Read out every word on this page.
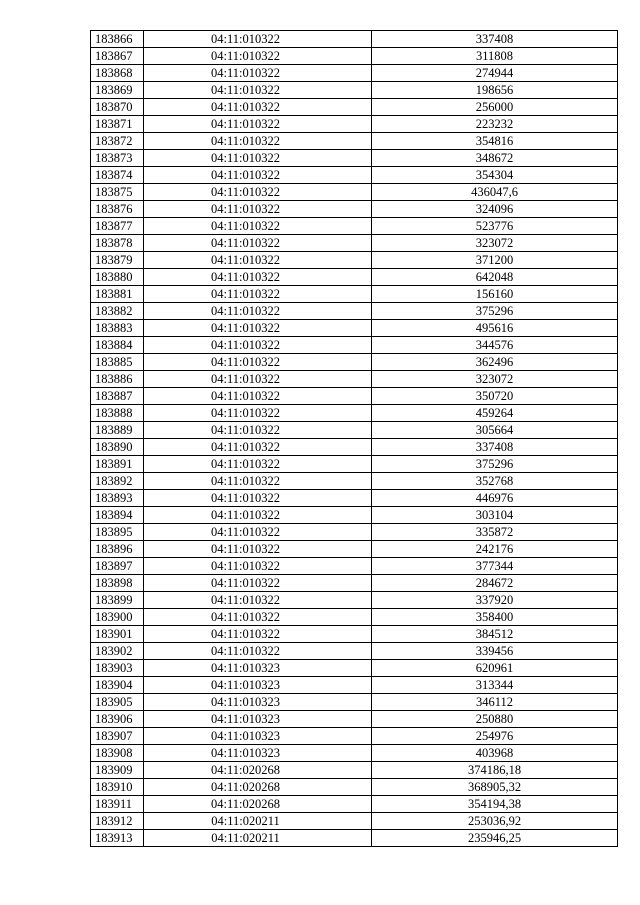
183866	04:11:010322	337408
183867	04:11:010322	311808
183868	04:11:010322	274944
183869	04:11:010322	198656
183870	04:11:010322	256000
183871	04:11:010322	223232
183872	04:11:010322	354816
183873	04:11:010322	348672
183874	04:11:010322	354304
183875	04:11:010322	436047,6
183876	04:11:010322	324096
183877	04:11:010322	523776
183878	04:11:010322	323072
183879	04:11:010322	371200
183880	04:11:010322	642048
183881	04:11:010322	156160
183882	04:11:010322	375296
183883	04:11:010322	495616
183884	04:11:010322	344576
183885	04:11:010322	362496
183886	04:11:010322	323072
183887	04:11:010322	350720
183888	04:11:010322	459264
183889	04:11:010322	305664
183890	04:11:010322	337408
183891	04:11:010322	375296
183892	04:11:010322	352768
183893	04:11:010322	446976
183894	04:11:010322	303104
183895	04:11:010322	335872
183896	04:11:010322	242176
183897	04:11:010322	377344
183898	04:11:010322	284672
183899	04:11:010322	337920
183900	04:11:010322	358400
183901	04:11:010322	384512
183902	04:11:010322	339456
183903	04:11:010323	620961
183904	04:11:010323	313344
183905	04:11:010323	346112
183906	04:11:010323	250880
183907	04:11:010323	254976
183908	04:11:010323	403968
183909	04:11:020268	374186,18
183910	04:11:020268	368905,32
183911	04:11:020268	354194,38
183912	04:11:020211	253036,92
183913	04:11:020211	235946,25
